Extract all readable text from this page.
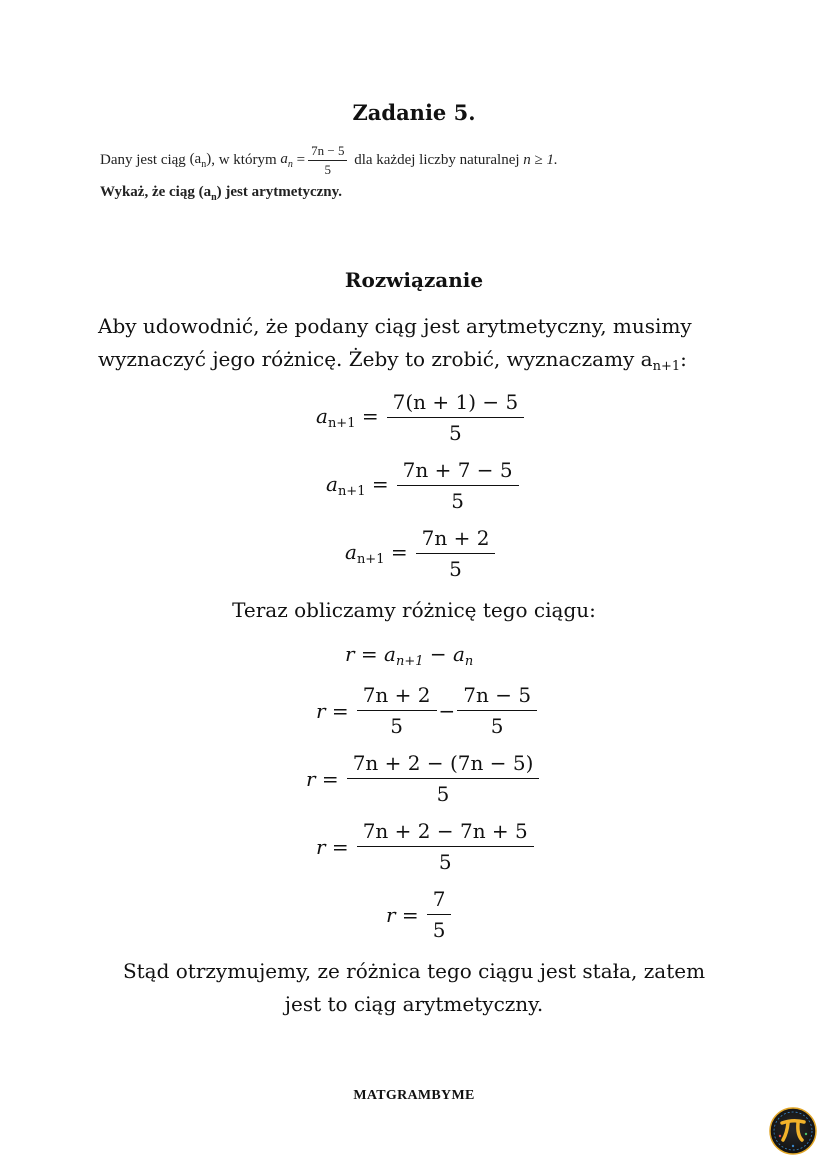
Zadanie 5.
Dany jest ciąg $(a_n)$ , w którym $a_n = \frac{7n - 5}{5}$ dla każdej liczby naturalnej n ≥ 1.
Wykaż, że ciąg $(a_n)$ jest arytmetyczny.
Rozwiązanie
Aby udowodnić, że podany ciąg jest arytmetyczny, musimy
wyznaczyć jego różnicę. Żeby to zrobić, wyznaczamy $a_{n+1}$:
$a_{n+1} = \frac{7(n + 1) - 5}{5}$
$a_{n+1} = \frac{7n + 7 - 5}{5}$
$a_{n+1} = \frac{7n + 2}{5}$
Teraz obliczamy różnicę tego ciągu:
$r = a_{n+1} - a_n$
$r = \frac{7n + 2}{5} - \frac{7n - 5}{5}$
$r = \frac{7n + 2 - (7n - 5)}{5}$
$r = \frac{7n + 2 - 7n + 5}{5}$
$r = \frac{7}{5}$
Stąd otrzymujemy, ze różnica tego ciągu jest stała, zatem
jest to ciąg arytmetyczny.
MATGRAMBYME
